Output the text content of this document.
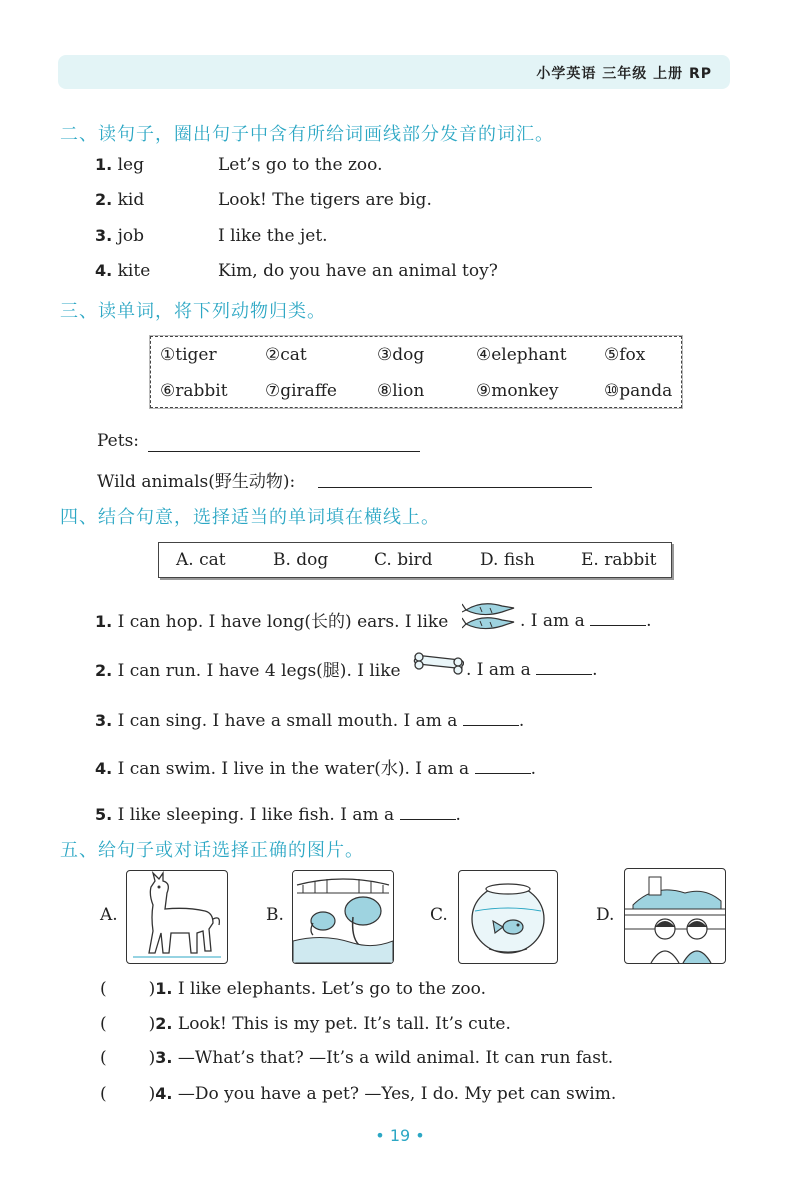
小学英语 三年级 上册 RP
二、读句子，圈出句子中含有所给词画线部分发音的词汇。
1. leg	Let’s go to the zoo.
2. kid	Look! The tigers are big.
3. job	I like the jet.
4. kite	Kim, do you have an animal toy?
三、读单词，将下列动物归类。
①tiger	②cat	③dog	④elephant ⑤fox
⑥rabbit ⑦giraffe ⑧lion	⑨monkey	⑩panda
Pets:
Wild animals(野生动物):
四、结合句意，选择适当的单词填在横线上。
A. cat	B. dog	C. bird	D. fish	E. rabbit
1. I can hop. I have long(长的) ears. I like	. I am a	.
2. I can run. I have 4 legs(腿). I like	. I am a	.
3. I can sing. I have a small mouth. I am a	.
4. I can swim. I live in the water(水). I am a	.
5. I like sleeping. I like fish. I am a	.
五、给句子或对话选择正确的图片。
A.	B.	C.	D.
( )1. I like elephants. Let’s go to the zoo.
( )2. Look! This is my pet. It’s tall. It’s cute.
( )3. —What’s that? —It’s a wild animal. It can run fast.
( )4. —Do you have a pet? —Yes, I do. My pet can swim.
• 19 •
